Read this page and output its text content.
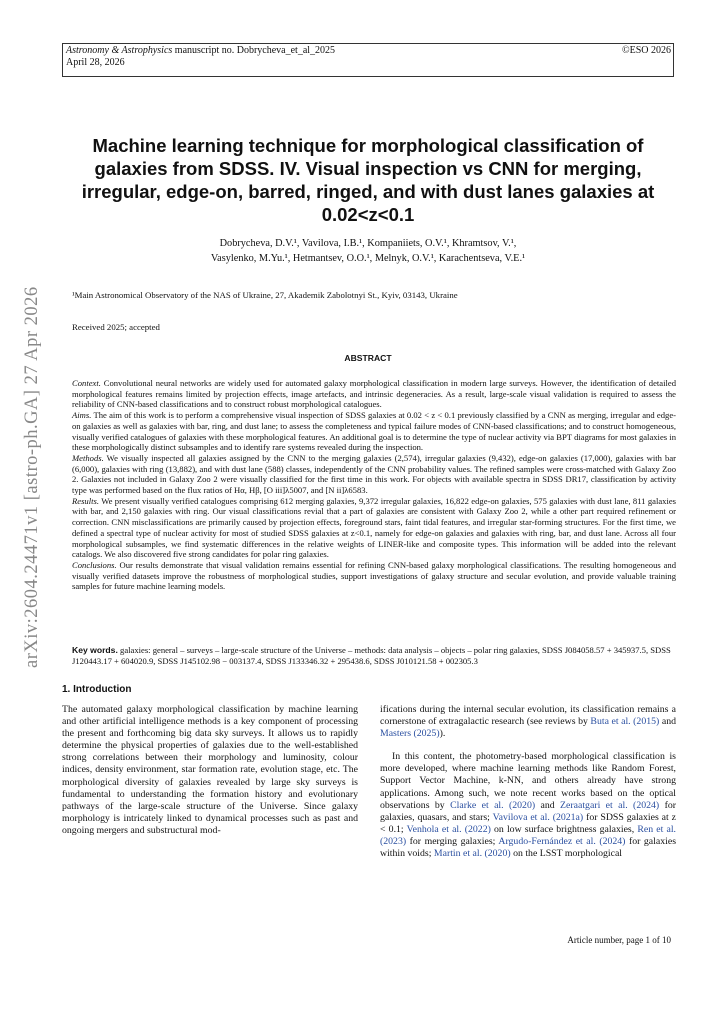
Astronomy & Astrophysics manuscript no. Dobrycheva_et_al_2025
April 28, 2026
©ESO 2026
arXiv:2604.24471v1 [astro-ph.GA] 27 Apr 2026
Machine learning technique for morphological classification of galaxies from SDSS. IV. Visual inspection vs CNN for merging, irregular, edge-on, barred, ringed, and with dust lanes galaxies at 0.02<z<0.1
Dobrycheva, D.V.¹, Vavilova, I.B.¹, Kompaniiets, O.V.¹, Khramtsov, V.¹,
Vasylenko, M.Yu.¹, Hetmantsev, O.O.¹, Melnyk, O.V.¹, Karachentseva, V.E.¹
¹Main Astronomical Observatory of the NAS of Ukraine, 27, Akademik Zabolotnyi St., Kyiv, 03143, Ukraine
Received 2025; accepted
ABSTRACT

Context. Convolutional neural networks are widely used for automated galaxy morphological classification in modern large surveys. However, the identification of detailed morphological features remains limited by projection effects, image artefacts, and intrinsic degeneracies. As a result, large-scale visual validation is required to assess the reliability of CNN-based classifications and to construct robust morphological catalogues.

Aims. The aim of this work is to perform a comprehensive visual inspection of SDSS galaxies at 0.02 < z < 0.1 previously classified by a CNN as merging, irregular and edge-on galaxies as well as galaxies with bar, ring, and dust lane; to assess the completeness and typical failure modes of CNN-based classifications; and to construct homogeneous, visually verified catalogues of galaxies with these morphological features. An additional goal is to determine the type of nuclear activity via BPT diagrams for most galaxies in these morphologically distinct subsamples and to identify rare systems revealed during the inspection.

Methods. We visually inspected all galaxies assigned by the CNN to the merging galaxies (2,574), irregular galaxies (9,432), edge-on galaxies (17,000), galaxies with bar (6,000), galaxies with ring (13,882), and with dust lane (588) classes, independently of the CNN probability values. The refined samples were cross-matched with Galaxy Zoo 2. Galaxies not included in Galaxy Zoo 2 were visually classified for the first time in this work. For objects with available spectra in SDSS DR17, classification by activity type was performed based on the flux ratios of Hα, Hβ, [O iii]λ5007, and [N ii]λ6583.

Results. We present visually verified catalogues comprising 612 merging galaxies, 9,372 irregular galaxies, 16,822 edge-on galaxies, 575 galaxies with dust lane, 811 galaxies with bar, and 2,150 galaxies with ring. Our visual classifications revial that a part of galaxies are consistent with Galaxy Zoo 2, while a other part required refinement or correction. CNN misclassifications are primarily caused by projection effects, foreground stars, faint tidal features, and irregular star-forming structures. For the first time, we defined a spectral type of nuclear activity for most of studied SDSS galaxies at z<0.1, namely for edge-on galaxies and galaxies with ring, bar, and dust lane. Across all four morphological subsamples, we find systematic differences in the relative weights of LINER-like and composite types. This information will be added into the relevant catalogs. We also discovered five strong candidates for polar ring galaxies.

Conclusions. Our results demonstrate that visual validation remains essential for refining CNN-based galaxy morphological classifications. The resulting homogeneous and visually verified datasets improve the robustness of morphological studies, support investigations of galaxy structure and secular evolution, and provide valuable training samples for future machine learning models.

Key words. galaxies: general – surveys – large-scale structure of the Universe – methods: data analysis – objects – polar ring galaxies, SDSS J084058.57 + 345937.5, SDSS J120443.17 + 604020.9, SDSS J145102.98 − 003137.4, SDSS J133346.32 + 295438.6, SDSS J010121.58 + 002305.3
1. Introduction

The automated galaxy morphological classification by machine learning and other artificial intelligence methods is a key component of processing the present and forthcoming big data sky surveys. It allows us to rapidly determine the physical properties of galaxies due to the well-established strong correlations between their morphology and luminosity, colour indices, density environment, star formation rate, evolution stage, etc. The morphological diversity of galaxies revealed by large sky surveys is fundamental to understanding the formation history and evolutionary pathways of the large-scale structure of the Universe. Since galaxy morphology is intricately linked to dynamical processes such as past and ongoing mergers and substructural mod-

ifications during the internal secular evolution, its classification remains a cornerstone of extragalactic research (see reviews by Buta et al. (2015) and Masters (2025)).

In this content, the photometry-based morphological classification is more developed, where machine learning methods like Random Forest, Support Vector Machine, k-NN, and others already have strong applications. Among such, we note recent works based on the optical observations by Clarke et al. (2020) and Zeraatgari et al. (2024) for galaxies, quasars, and stars; Vavilova et al. (2021a) for SDSS galaxies at z < 0.1; Venhola et al. (2022) on low surface brightness galaxies, Ren et al. (2023) for merging galaxies; Argudo-Fernández et al. (2024) for galaxies within voids; Martin et al. (2020) on the LSST morphological

Article number, page 1 of 10
